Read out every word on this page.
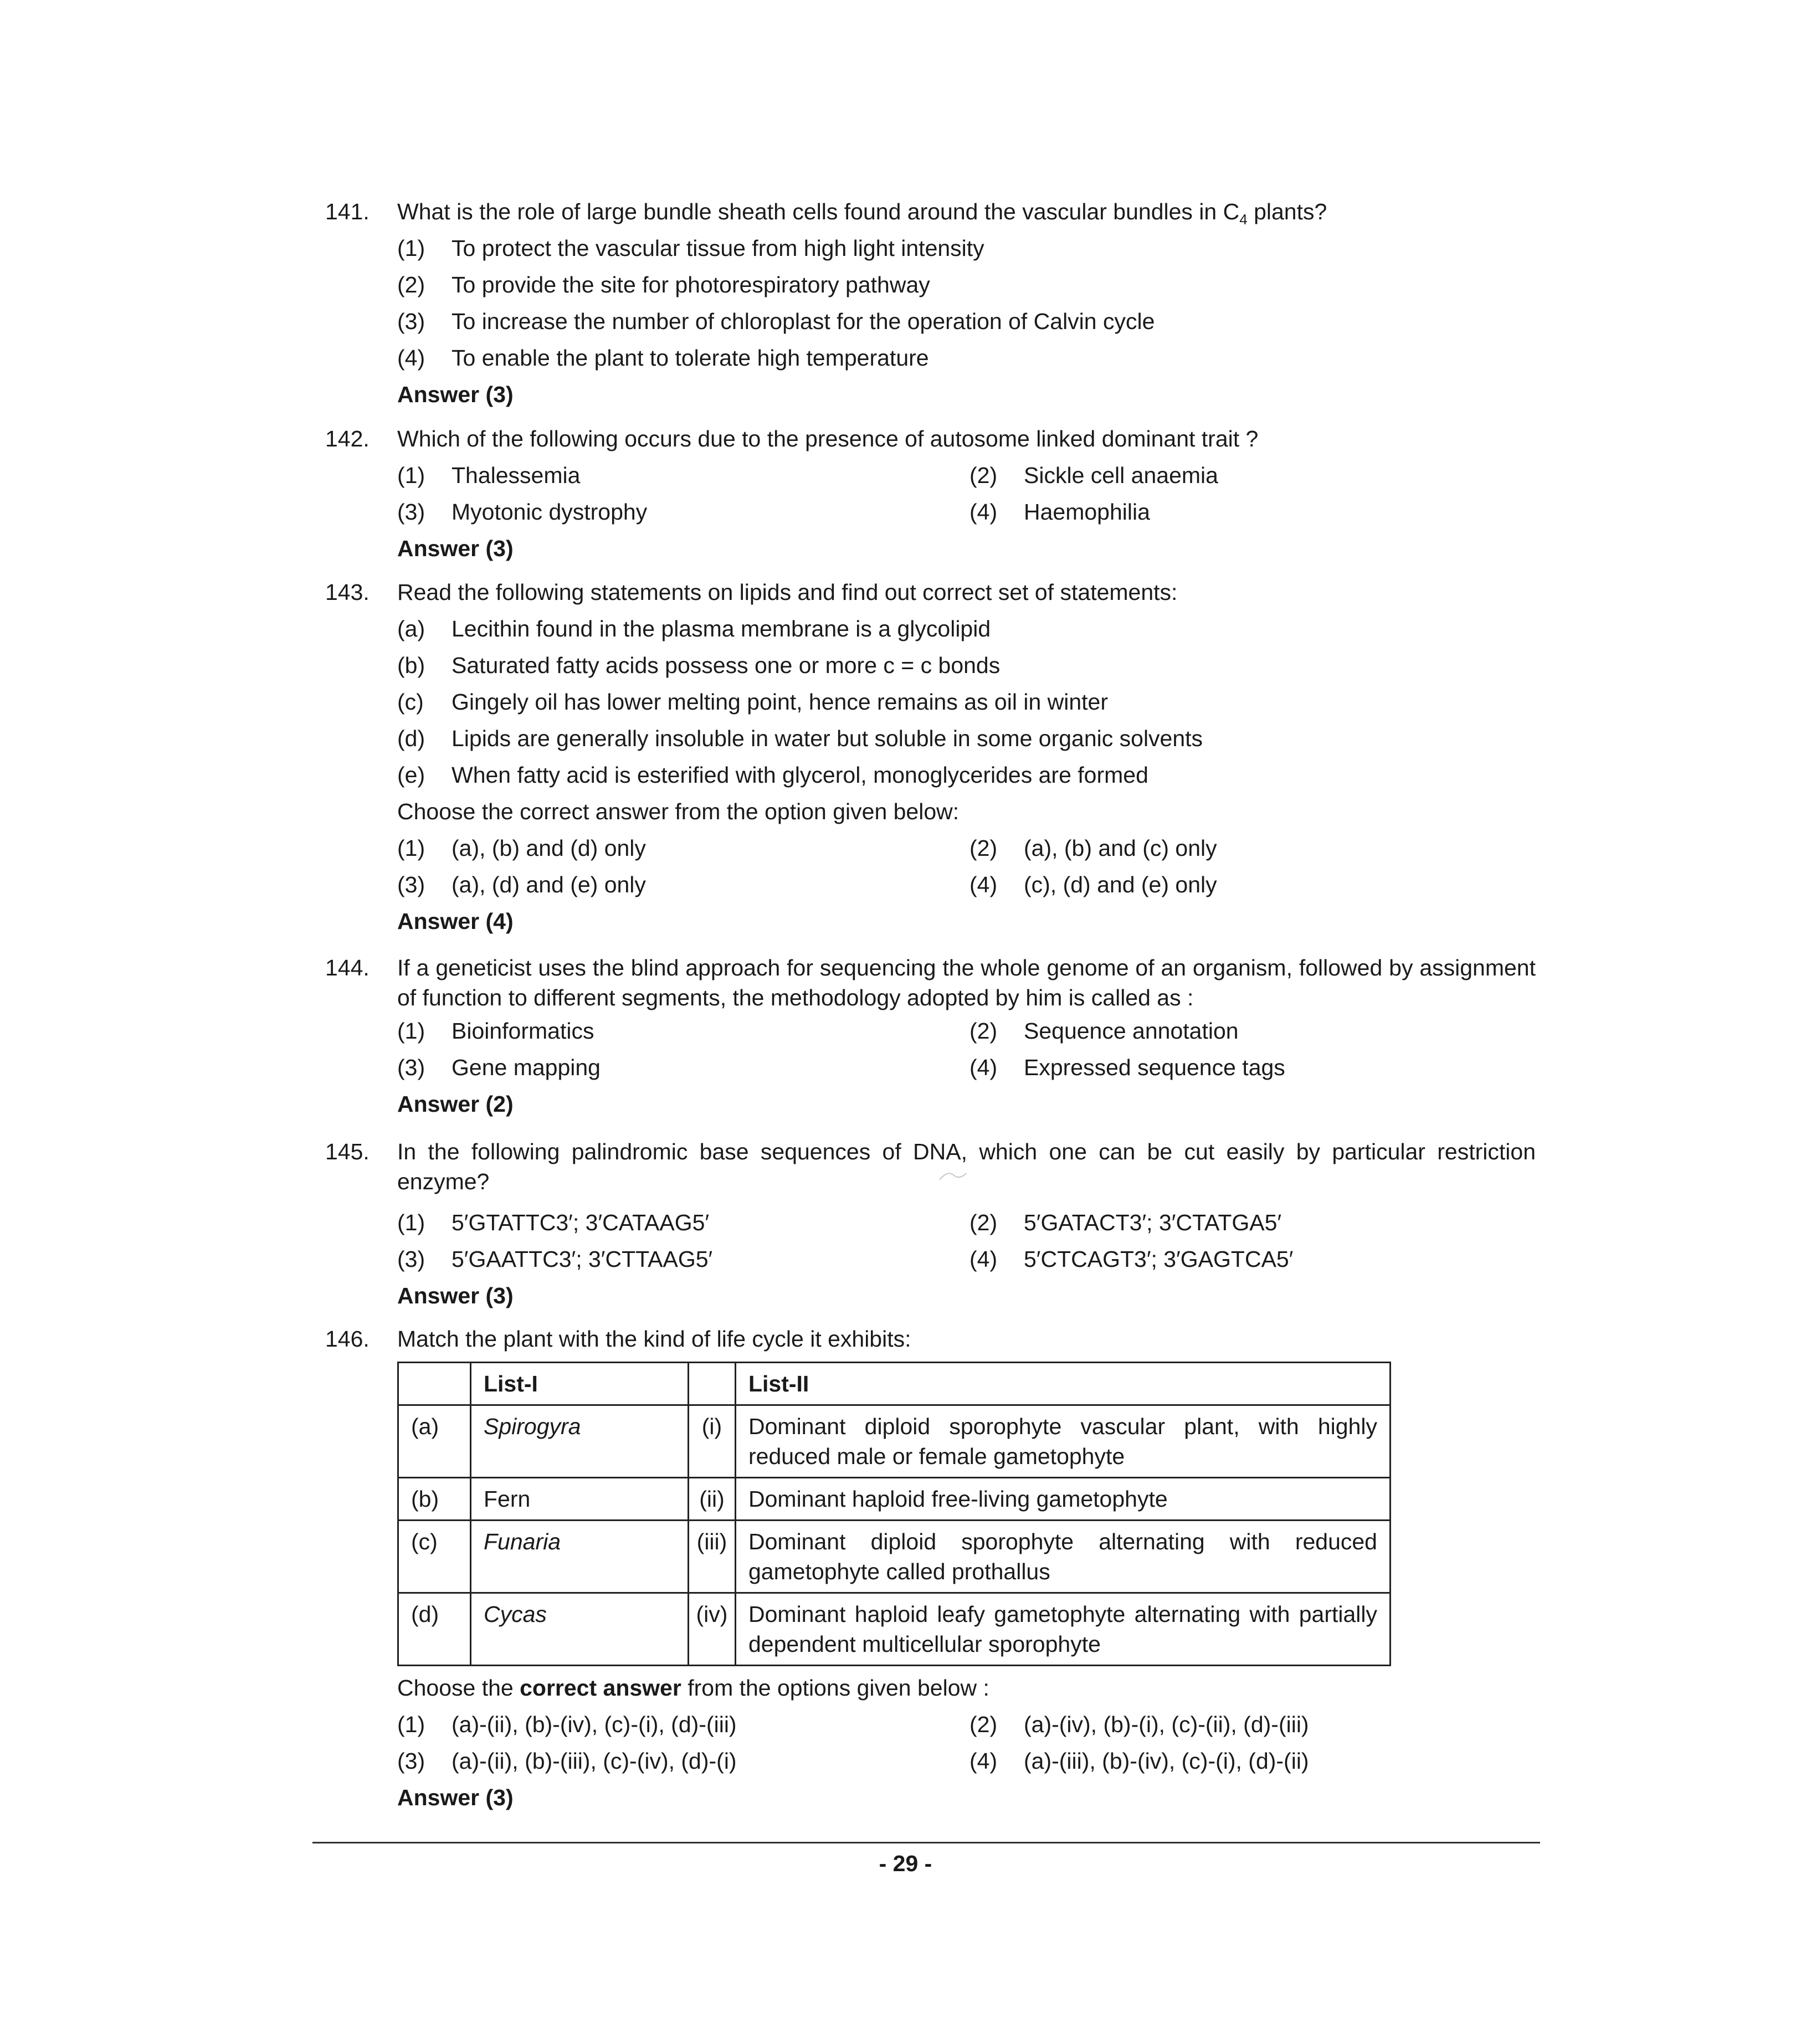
141. What is the role of large bundle sheath cells found around the vascular bundles in $C_4$ plants?
(1) To protect the vascular tissue from high light intensity
(2) To provide the site for photorespiratory pathway
(3) To increase the number of chloroplast for the operation of Calvin cycle
(4) To enable the plant to tolerate high temperature
Answer (3)
142. Which of the following occurs due to the presence of autosome linked dominant trait ?
(1) Thalessemia	(2) Sickle cell anaemia
(3) Myotonic dystrophy	(4) Haemophilia
Answer (3)
143. Read the following statements on lipids and find out correct set of statements:
(a) Lecithin found in the plasma membrane is a glycolipid
(b) Saturated fatty acids possess one or more c = c bonds
(c) Gingely oil has lower melting point, hence remains as oil in winter
(d) Lipids are generally insoluble in water but soluble in some organic solvents
(e) When fatty acid is esterified with glycerol, monoglycerides are formed
Choose the correct answer from the option given below:
(1) (a), (b) and (d) only	(2) (a), (b) and (c) only
(3) (a), (d) and (e) only	(4) (c), (d) and (e) only
Answer (4)
144. If a geneticist uses the blind approach for sequencing the whole genome of an organism, followed by assignment of function to different segments, the methodology adopted by him is called as :
(1) Bioinformatics	(2) Sequence annotation
(3) Gene mapping	(4) Expressed sequence tags
Answer (2)
145. In the following palindromic base sequences of DNA, which one can be cut easily by particular restriction enzyme?
(1) 5′GTATTC3′; 3′CATAAG5′	(2) 5′GATACT3′; 3′CTATGA5′
(3) 5′GAATTC3′; 3′CTTAAG5′	(4) 5′CTCAGT3′; 3′GAGTCA5′
Answer (3)
146. Match the plant with the kind of life cycle it exhibits:
	List-I		List-II
(a)	Spirogyra	(i)	Dominant diploid sporophyte vascular plant, with highly reduced male or female gametophyte
(b)	Fern	(ii)	Dominant haploid free-living gametophyte
(c)	Funaria	(iii)	Dominant diploid sporophyte alternating with reduced gametophyte called prothallus
(d)	Cycas	(iv)	Dominant haploid leafy gametophyte alternating with partially dependent multicellular sporophyte
Choose the correct answer from the options given below :
(1) (a)-(ii), (b)-(iv), (c)-(i), (d)-(iii)	(2) (a)-(iv), (b)-(i), (c)-(ii), (d)-(iii)
(3) (a)-(ii), (b)-(iii), (c)-(iv), (d)-(i)	(4) (a)-(iii), (b)-(iv), (c)-(i), (d)-(ii)
Answer (3)
- 29 -
